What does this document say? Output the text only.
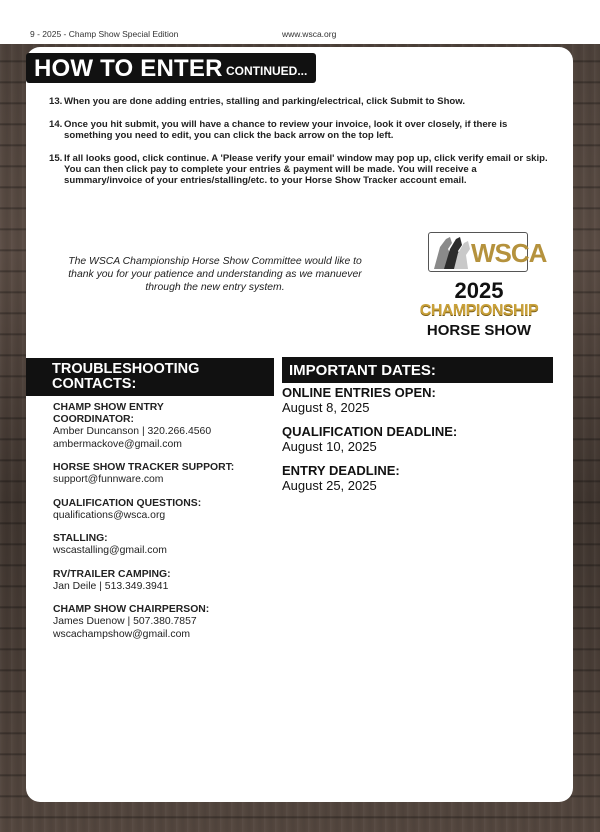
9 - 2025 - Champ Show Special Edition	www.wsca.org
HOW TO ENTER CONTINUED...
13. When you are done adding entries, stalling and parking/electrical, click Submit to Show.
14. Once you hit submit, you will have a chance to review your invoice, look it over closely, if there is something you need to edit, you can click the back arrow on the top left.
15. If all looks good, click continue. A 'Please verify your email' window may pop up, click verify email or skip. You can then click pay to complete your entries & payment will be made. You will receive a summary/invoice of your entries/stalling/etc. to your Horse Show Tracker account email.
The WSCA Championship Horse Show Committee would like to thank you for your patience and understanding as we manuever through the new entry system.
WSCA
2025
CHAMPIONSHIP
HORSE SHOW
TROUBLESHOOTING
CONTACTS:
CHAMP SHOW ENTRY COORDINATOR:
Amber Duncanson | 320.266.4560
ambermackove@gmail.com
HORSE SHOW TRACKER SUPPORT:
support@funnware.com
QUALIFICATION QUESTIONS:
qualifications@wsca.org
STALLING:
wscastalling@gmail.com
RV/TRAILER CAMPING:
Jan Deile | 513.349.3941
CHAMP SHOW CHAIRPERSON:
James Duenow | 507.380.7857
wscachampshow@gmail.com
IMPORTANT DATES:
ONLINE ENTRIES OPEN:
August 8, 2025
QUALIFICATION DEADLINE:
August 10, 2025
ENTRY DEADLINE:
August 25, 2025
